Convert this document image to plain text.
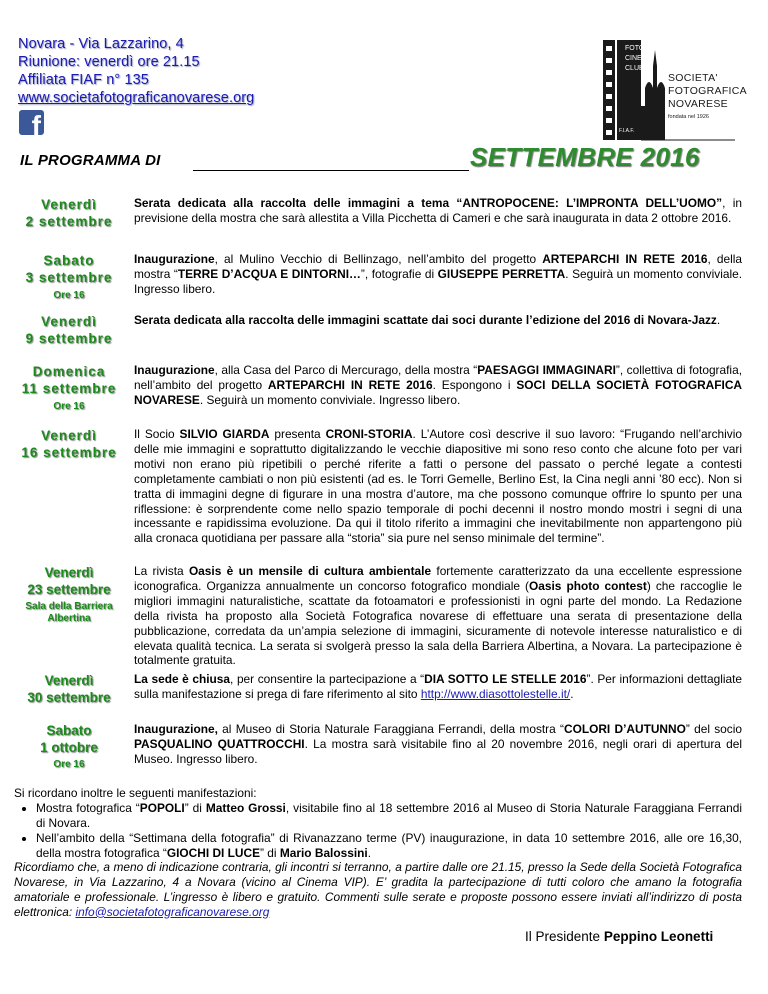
Novara - Via Lazzarino, 4
Riunione: venerdì ore 21.15
Affiliata FIAF n° 135
www.societafotograficanovarese.org
f
FOTO
CINE
CLUB
F.I.A.F.
SOCIETA'
FOTOGRAFICA
NOVARESE
fondata nel 1926
IL PROGRAMMA DI	SETTEMBRE 2016
Venerdì
2 settembre
Serata dedicata alla raccolta delle immagini a tema “ANTROPOCENE: L’IMPRONTA DELL’UOMO”, in previsione della mostra che sarà allestita a Villa Picchetta di Cameri e che sarà inaugurata in data 2 ottobre 2016.
Sabato
3 settembre
Ore 16
Inaugurazione, al Mulino Vecchio di Bellinzago, nell’ambito del progetto ARTEPARCHI IN RETE 2016, della mostra “TERRE D’ACQUA E DINTORNI…”, fotografie di GIUSEPPE PERRETTA. Seguirà un momento conviviale. Ingresso libero.
Venerdì
9 settembre
Serata dedicata alla raccolta delle immagini scattate dai soci durante l’edizione del 2016 di Novara-Jazz.
Domenica
11 settembre
Ore 16
Inaugurazione, alla Casa del Parco di Mercurago, della mostra “PAESAGGI IMMAGINARI”, collettiva di fotografia, nell’ambito del progetto ARTEPARCHI IN RETE 2016. Espongono i SOCI DELLA SOCIETÀ FOTOGRAFICA NOVARESE. Seguirà un momento conviviale. Ingresso libero.
Venerdì
16 settembre
Il Socio SILVIO GIARDA presenta CRONI-STORIA. L’Autore così descrive il suo lavoro: “Frugando nell’archivio delle mie immagini e soprattutto digitalizzando le vecchie diapositive mi sono reso conto che alcune foto per vari motivi non erano più ripetibili o perché riferite a fatti o persone del passato o perché legate a contesti completamente cambiati o non più esistenti (ad es. le Torri Gemelle, Berlino Est, la Cina negli anni ’80 ecc). Non si tratta di immagini degne di figurare in una mostra d’autore, ma che possono comunque offrire lo spunto per una riflessione: è sorprendente come nello spazio temporale di pochi decenni il nostro mondo mostri i segni di una incessante e rapidissima evoluzione. Da qui il titolo riferito a immagini che inevitabilmente non appartengono più alla cronaca quotidiana per passare alla “storia” sia pure nel senso minimale del termine”.
Venerdì
23 settembre
Sala della Barriera Albertina
La rivista Oasis è un mensile di cultura ambientale fortemente caratterizzato da una eccellente espressione iconografica. Organizza annualmente un concorso fotografico mondiale (Oasis photo contest) che raccoglie le migliori immagini naturalistiche, scattate da fotoamatori e professionisti in ogni parte del mondo. La Redazione della rivista ha proposto alla Società Fotografica novarese di effettuare una serata di presentazione della pubblicazione, corredata da un’ampia selezione di immagini, sicuramente di notevole interesse naturalistico e di elevata qualità tecnica. La serata si svolgerà presso la sala della Barriera Albertina, a Novara. La partecipazione è totalmente gratuita.
Venerdì
30 settembre
La sede è chiusa, per consentire la partecipazione a “DIA SOTTO LE STELLE 2016”. Per informazioni dettagliate sulla manifestazione si prega di fare riferimento al sito http://www.diasottolestelle.it/.
Sabato
1 ottobre
Ore 16
Inaugurazione, al Museo di Storia Naturale Faraggiana Ferrandi, della mostra “COLORI D’AUTUNNO” del socio PASQUALINO QUATTROCCHI. La mostra sarà visitabile fino al 20 novembre 2016, negli orari di apertura del Museo. Ingresso libero.
Si ricordano inoltre le seguenti manifestazioni:
• Mostra fotografica “POPOLI” di Matteo Grossi, visitabile fino al 18 settembre 2016 al Museo di Storia Naturale Faraggiana Ferrandi di Novara.
• Nell’ambito della “Settimana della fotografia” di Rivanazzano terme (PV) inaugurazione, in data 10 settembre 2016, alle ore 16,30, della mostra fotografica “GIOCHI DI LUCE” di Mario Balossini.
Ricordiamo che, a meno di indicazione contraria, gli incontri si terranno, a partire dalle ore 21.15, presso la Sede della Società Fotografica Novarese, in Via Lazzarino, 4 a Novara (vicino al Cinema VIP). E’ gradita la partecipazione di tutti coloro che amano la fotografia amatoriale e professionale. L’ingresso è libero e gratuito. Commenti sulle serate e proposte possono essere inviati all’indirizzo di posta elettronica: info@societafotograficanovarese.org
Il Presidente Peppino Leonetti
